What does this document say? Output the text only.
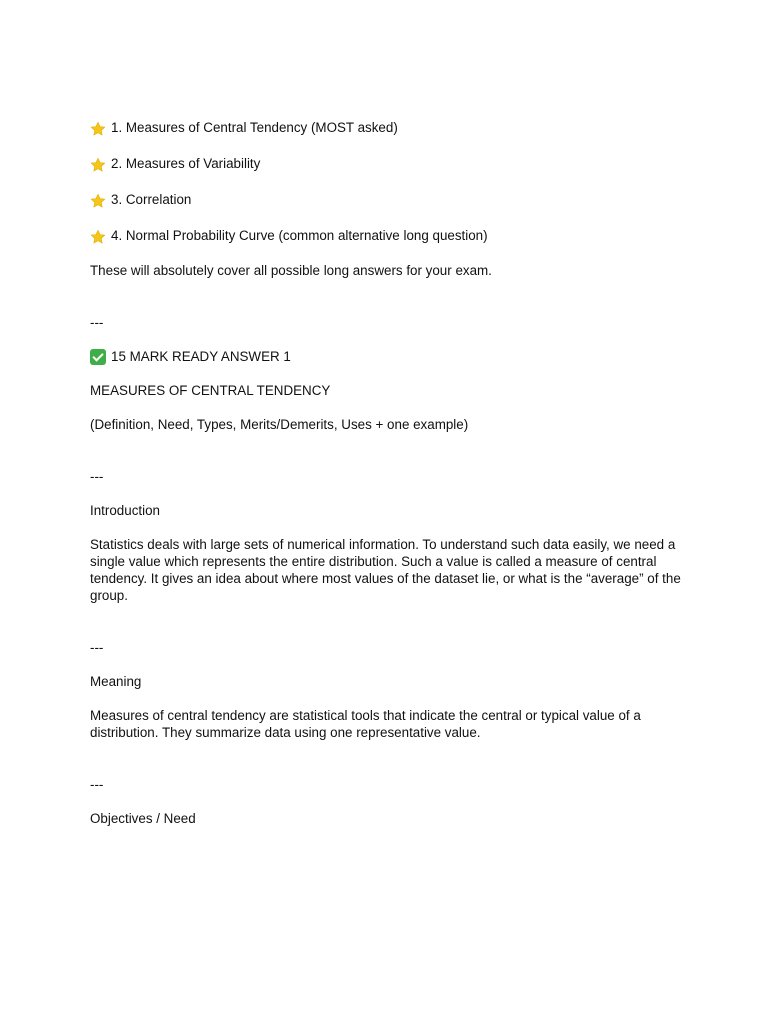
1. Measures of Central Tendency (MOST asked)
2. Measures of Variability
3. Correlation
4. Normal Probability Curve (common alternative long question)

These will absolutely cover all possible long answers for your exam.

---

15 MARK READY ANSWER 1

MEASURES OF CENTRAL TENDENCY

(Definition, Need, Types, Merits/Demerits, Uses + one example)

---

Introduction

Statistics deals with large sets of numerical information. To understand such data easily, we need a single value which represents the entire distribution. Such a value is called a measure of central tendency. It gives an idea about where most values of the dataset lie, or what is the “average” of the group.

---

Meaning

Measures of central tendency are statistical tools that indicate the central or typical value of a distribution. They summarize data using one representative value.

---

Objectives / Need
